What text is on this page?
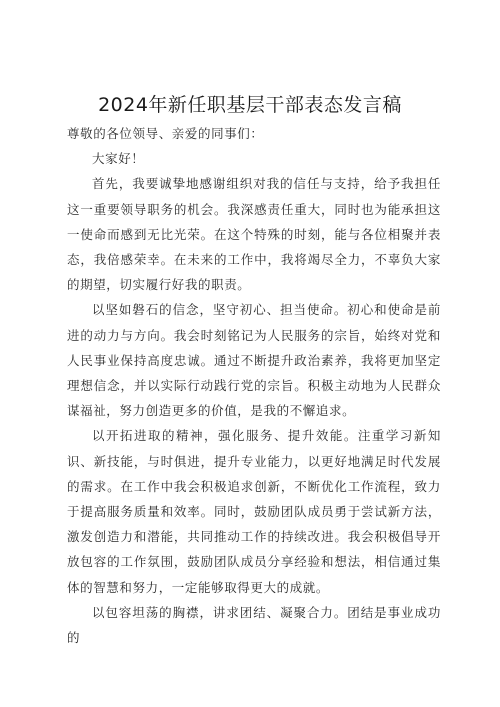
2024年新任职基层干部表态发言稿

尊敬的各位领导、亲爱的同事们：

大家好！

首先，我要诚挚地感谢组织对我的信任与支持，给予我担任这一重要领导职务的机会。我深感责任重大，同时也为能承担这一使命而感到无比光荣。在这个特殊的时刻，能与各位相聚并表态，我倍感荣幸。在未来的工作中，我将竭尽全力，不辜负大家的期望，切实履行好我的职责。

以坚如磐石的信念，坚守初心、担当使命。初心和使命是前进的动力与方向。我会时刻铭记为人民服务的宗旨，始终对党和人民事业保持高度忠诚。通过不断提升政治素养，我将更加坚定理想信念，并以实际行动践行党的宗旨。积极主动地为人民群众谋福祉，努力创造更多的价值，是我的不懈追求。

以开拓进取的精神，强化服务、提升效能。注重学习新知识、新技能，与时俱进，提升专业能力，以更好地满足时代发展的需求。在工作中我会积极追求创新，不断优化工作流程，致力于提高服务质量和效率。同时，鼓励团队成员勇于尝试新方法，激发创造力和潜能，共同推动工作的持续改进。我会积极倡导开放包容的工作氛围，鼓励团队成员分享经验和想法，相信通过集体的智慧和努力，一定能够取得更大的成就。

以包容坦荡的胸襟，讲求团结、凝聚合力。团结是事业成功的
